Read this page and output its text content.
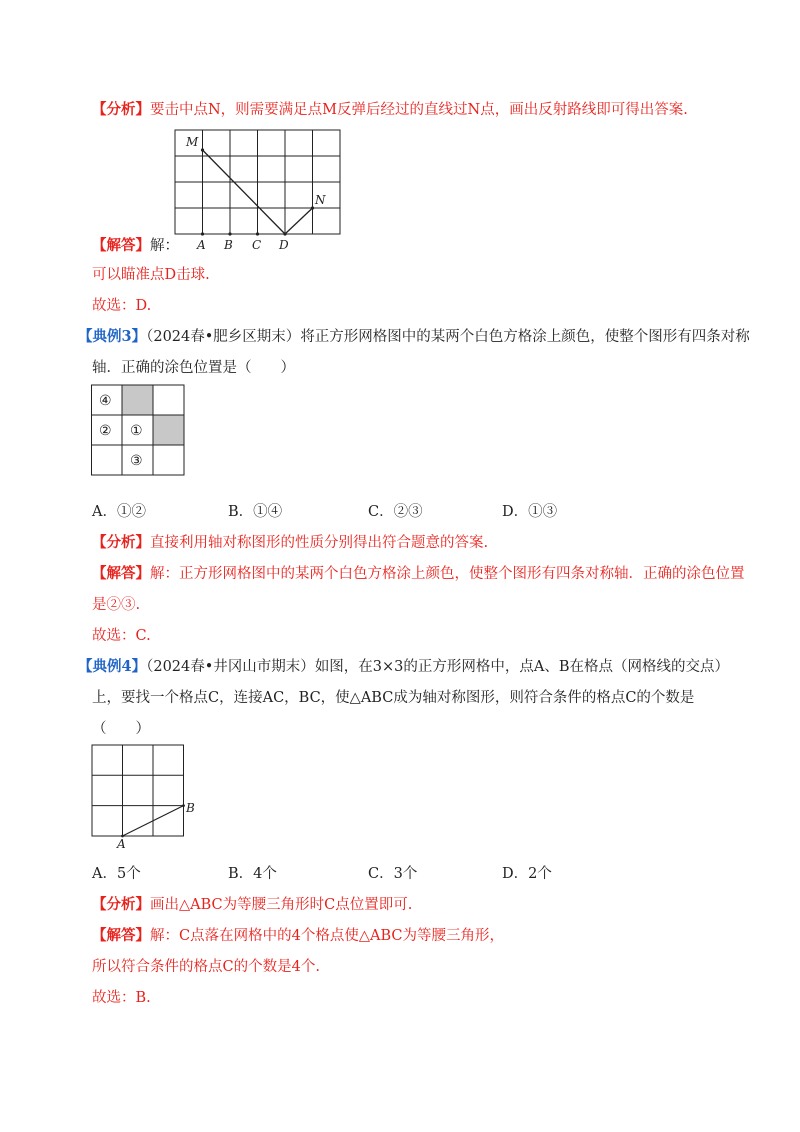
【分析】要击中点N，则需要满足点M反弹后经过的直线过N点，画出反射路线即可得出答案.
M
N
A B C D
【解答】解：
可以瞄准点D击球.
故选：D.
【典例3】（2024春•肥乡区期末）将正方形网格图中的某两个白色方格涂上颜色，使整个图形有四条对称
轴．正确的涂色位置是（　　）
④
② ①
③
A．①②	B．①④	C．②③	D．①③
【分析】直接利用轴对称图形的性质分别得出符合题意的答案.
【解答】解：正方形网格图中的某两个白色方格涂上颜色，使整个图形有四条对称轴．正确的涂色位置
是②③.
故选：C.
【典例4】（2024春•井冈山市期末）如图，在3×3的正方形网格中，点A、B在格点（网格线的交点）
上，要找一个格点C，连接AC，BC，使△ABC成为轴对称图形，则符合条件的格点C的个数是
（　　）
A
B
A．5个	B．4个	C．3个	D．2个
【分析】画出△ABC为等腰三角形时C点位置即可.
【解答】解：C点落在网格中的4个格点使△ABC为等腰三角形，
所以符合条件的格点C的个数是4个.
故选：B.
